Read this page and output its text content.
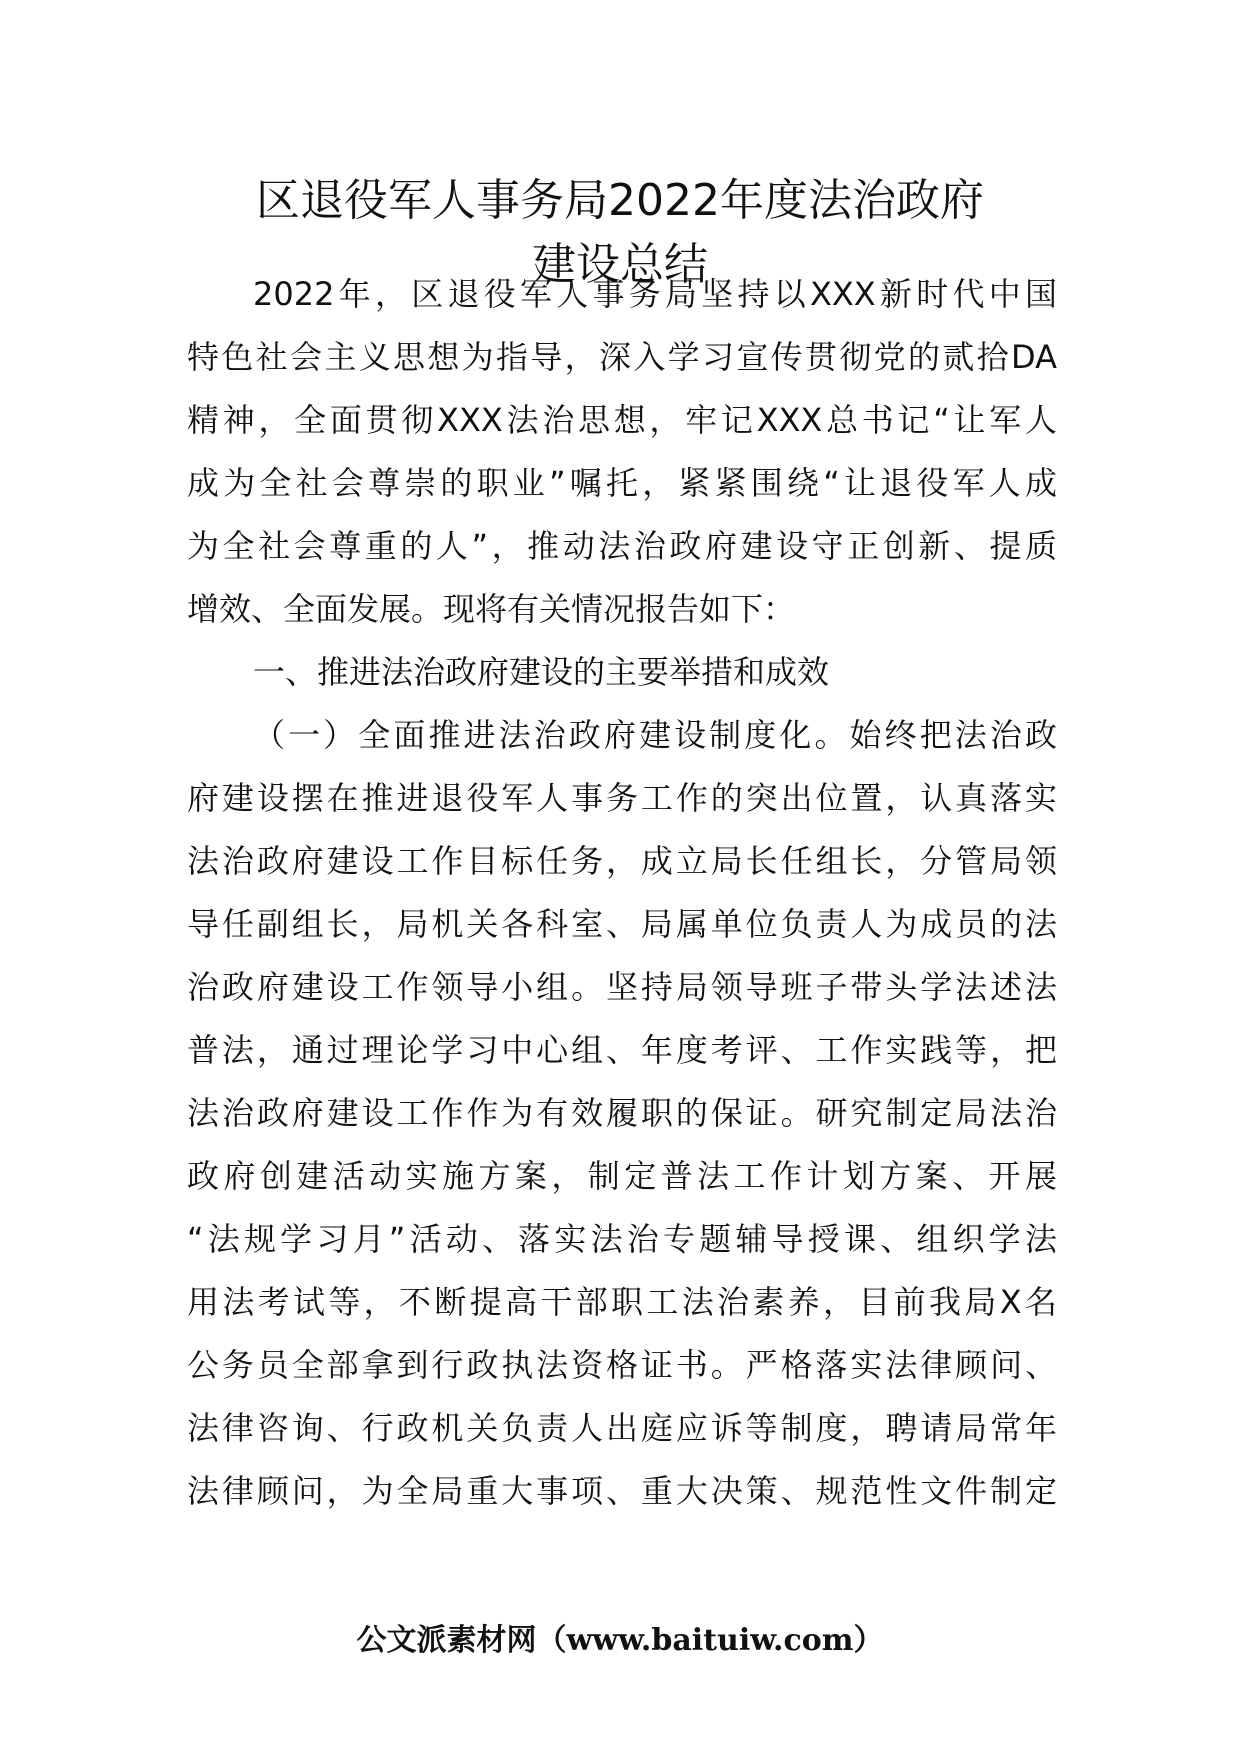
区退役军人事务局2022年度法治政府
建设总结

2022年，区退役军人事务局坚持以XXX新时代中国

特色社会主义思想为指导，深入学习宣传贯彻党的贰拾DA

精神，全面贯彻XXX法治思想，牢记XXX总书记“让军人

成为全社会尊崇的职业”嘱托，紧紧围绕“让退役军人成

为全社会尊重的人”，推动法治政府建设守正创新、提质

增效、全面发展。现将有关情况报告如下：

一、推进法治政府建设的主要举措和成效

（一）全面推进法治政府建设制度化。始终把法治政

府建设摆在推进退役军人事务工作的突出位置，认真落实

法治政府建设工作目标任务，成立局长任组长，分管局领

导任副组长，局机关各科室、局属单位负责人为成员的法

治政府建设工作领导小组。坚持局领导班子带头学法述法

普法，通过理论学习中心组、年度考评、工作实践等，把

法治政府建设工作作为有效履职的保证。研究制定局法治

政府创建活动实施方案，制定普法工作计划方案、开展

“法规学习月”活动、落实法治专题辅导授课、组织学法

用法考试等，不断提高干部职工法治素养，目前我局X名

公务员全部拿到行政执法资格证书。严格落实法律顾问、

法律咨询、行政机关负责人出庭应诉等制度，聘请局常年

法律顾问，为全局重大事项、重大决策、规范性文件制定

公文派素材网（www.baituiw.com）
